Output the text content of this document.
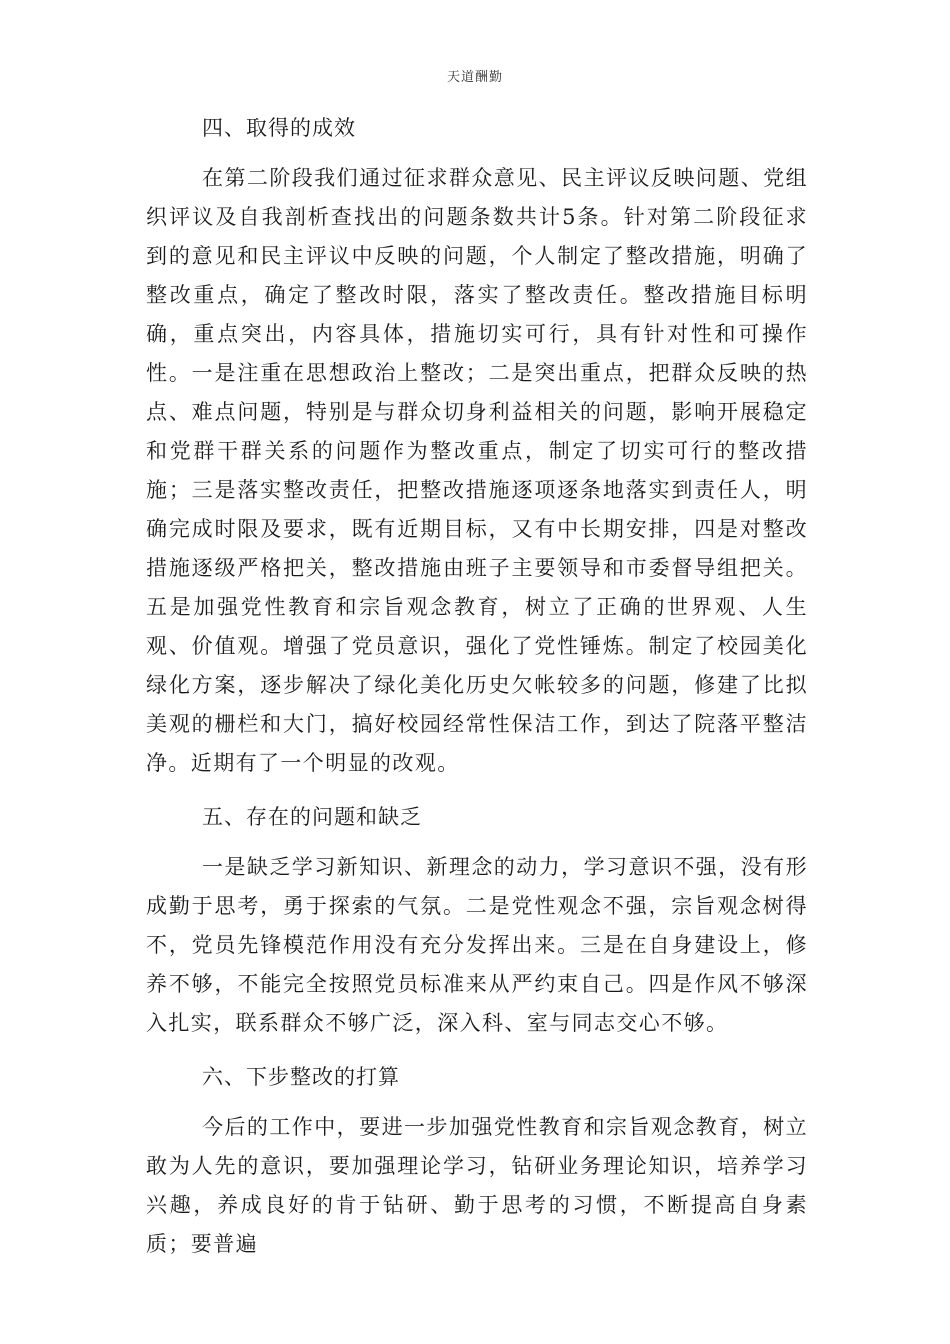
天道酬勤
四、取得的成效

在第二阶段我们通过征求群众意见、民主评议反映问题、党组织评议及自我剖析查找出的问题条数共计5条。针对第二阶段征求到的意见和民主评议中反映的问题，个人制定了整改措施，明确了整改重点，确定了整改时限，落实了整改责任。整改措施目标明确，重点突出，内容具体，措施切实可行，具有针对性和可操作性。一是注重在思想政治上整改；二是突出重点，把群众反映的热点、难点问题，特别是与群众切身利益相关的问题，影响开展稳定和党群干群关系的问题作为整改重点，制定了切实可行的整改措施；三是落实整改责任，把整改措施逐项逐条地落实到责任人，明确完成时限及要求，既有近期目标，又有中长期安排，四是对整改措施逐级严格把关，整改措施由班子主要领导和市委督导组把关。五是加强党性教育和宗旨观念教育，树立了正确的世界观、人生观、价值观。增强了党员意识，强化了党性锤炼。制定了校园美化绿化方案，逐步解决了绿化美化历史欠帐较多的问题，修建了比拟美观的栅栏和大门，搞好校园经常性保洁工作，到达了院落平整洁净。近期有了一个明显的改观。

五、存在的问题和缺乏

一是缺乏学习新知识、新理念的动力，学习意识不强，没有形成勤于思考，勇于探索的气氛。二是党性观念不强，宗旨观念树得不，党员先锋模范作用没有充分发挥出来。三是在自身建设上，修养不够，不能完全按照党员标准来从严约束自己。四是作风不够深入扎实，联系群众不够广泛，深入科、室与同志交心不够。

六、下步整改的打算

今后的工作中，要进一步加强党性教育和宗旨观念教育，树立敢为人先的意识，要加强理论学习，钻研业务理论知识，培养学习兴趣，养成良好的肯于钻研、勤于思考的习惯，不断提高自身素质；要普遍
